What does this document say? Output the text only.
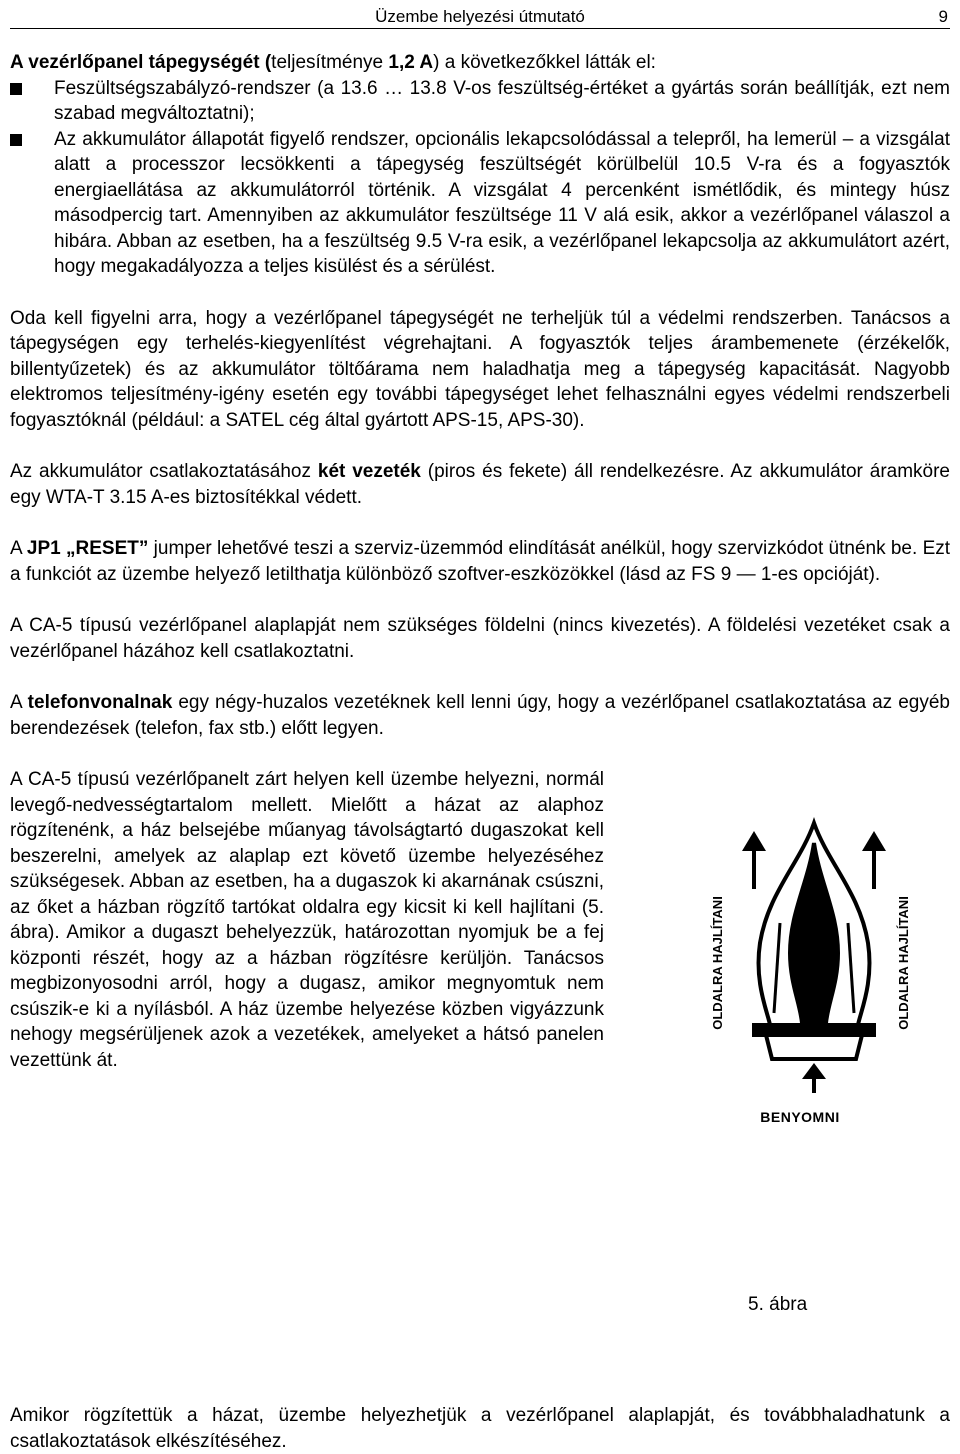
Üzembe helyezési útmutató	9

A vezérlőpanel tápegységét (teljesítménye 1,2 A) a következőkkel látták el:

Feszültségszabályzó-rendszer (a 13.6 … 13.8 V-os feszültség-értéket a gyártás során beállítják, ezt nem szabad megváltoztatni);
Az akkumulátor állapotát figyelő rendszer, opcionális lekapcsolódással a telepről, ha lemerül – a vizsgálat alatt a processzor lecsökkenti a tápegység feszültségét körülbelül 10.5 V-ra és a fogyasztók energiaellátása az akkumulátorról történik. A vizsgálat 4 percenként ismétlődik, és mintegy húsz másodpercig tart. Amennyiben az akkumulátor feszültsége 11 V alá esik, akkor a vezérlőpanel válaszol a hibára. Abban az esetben, ha a feszültség 9.5 V-ra esik, a vezérlőpanel lekapcsolja az akkumulátort azért, hogy megakadályozza a teljes kisülést és a sérülést.

Oda kell figyelni arra, hogy a vezérlőpanel tápegységét ne terheljük túl a védelmi rendszerben. Tanácsos a tápegységen egy terhelés-kiegyenlítést végrehajtani. A fogyasztók teljes árambemenete (érzékelők, billentyűzetek) és az akkumulátor töltőárama nem haladhatja meg a tápegység kapacitását. Nagyobb elektromos teljesítmény-igény esetén egy további tápegységet lehet felhasználni egyes védelmi rendszerbeli fogyasztóknál (például: a SATEL cég által gyártott APS-15, APS-30).

Az akkumulátor csatlakoztatásához két vezeték (piros és fekete) áll rendelkezésre. Az akkumulátor áramköre egy WTA-T 3.15 A-es biztosítékkal védett.

A JP1 „RESET” jumper lehetővé teszi a szerviz-üzemmód elindítását anélkül, hogy szervizkódot ütnénk be. Ezt a funkciót az üzembe helyező letilthatja különböző szoftver-eszközökkel (lásd az FS 9 — 1-es opcióját).

A CA-5 típusú vezérlőpanel alaplapját nem szükséges földelni (nincs kivezetés). A földelési vezetéket csak a vezérlőpanel házához kell csatlakoztatni.

A telefonvonalnak egy négy-huzalos vezetéknek kell lenni úgy, hogy a vezérlőpanel csatlakoztatása az egyéb berendezések (telefon, fax stb.) előtt legyen.

A CA-5 típusú vezérlőpanelt zárt helyen kell üzembe helyezni, normál levegő-nedvességtartalom mellett. Mielőtt a házat az alaphoz rögzítenénk, a ház belsejébe műanyag távolságtartó dugaszokat kell beszerelni, amelyek az alaplap ezt követő üzembe helyezéséhez szükségesek. Abban az esetben, ha a dugaszok ki akarnának csúszni, az őket a házban rögzítő tartókat oldalra egy kicsit ki kell hajlítani (5. ábra). Amikor a dugaszt behelyezzük, határozottan nyomjuk be a fej központi részét, hogy az a házban rögzítésre kerüljön. Tanácsos megbizonyosodni arról, hogy a dugasz, amikor megnyomtuk nem csúszik-e ki a nyílásból. A ház üzembe helyezése közben vigyázzunk nehogy megsérüljenek azok a vezetékek, amelyeket a hátsó panelen vezettünk át.

OLDALRA HAJLÍTANI	OLDALRA HAJLÍTANI
BENYOMNI
5. ábra

Amikor rögzítettük a házat, üzembe helyezhetjük a vezérlőpanel alaplapját, és továbbhaladhatunk a csatlakoztatások elkészítéséhez.
